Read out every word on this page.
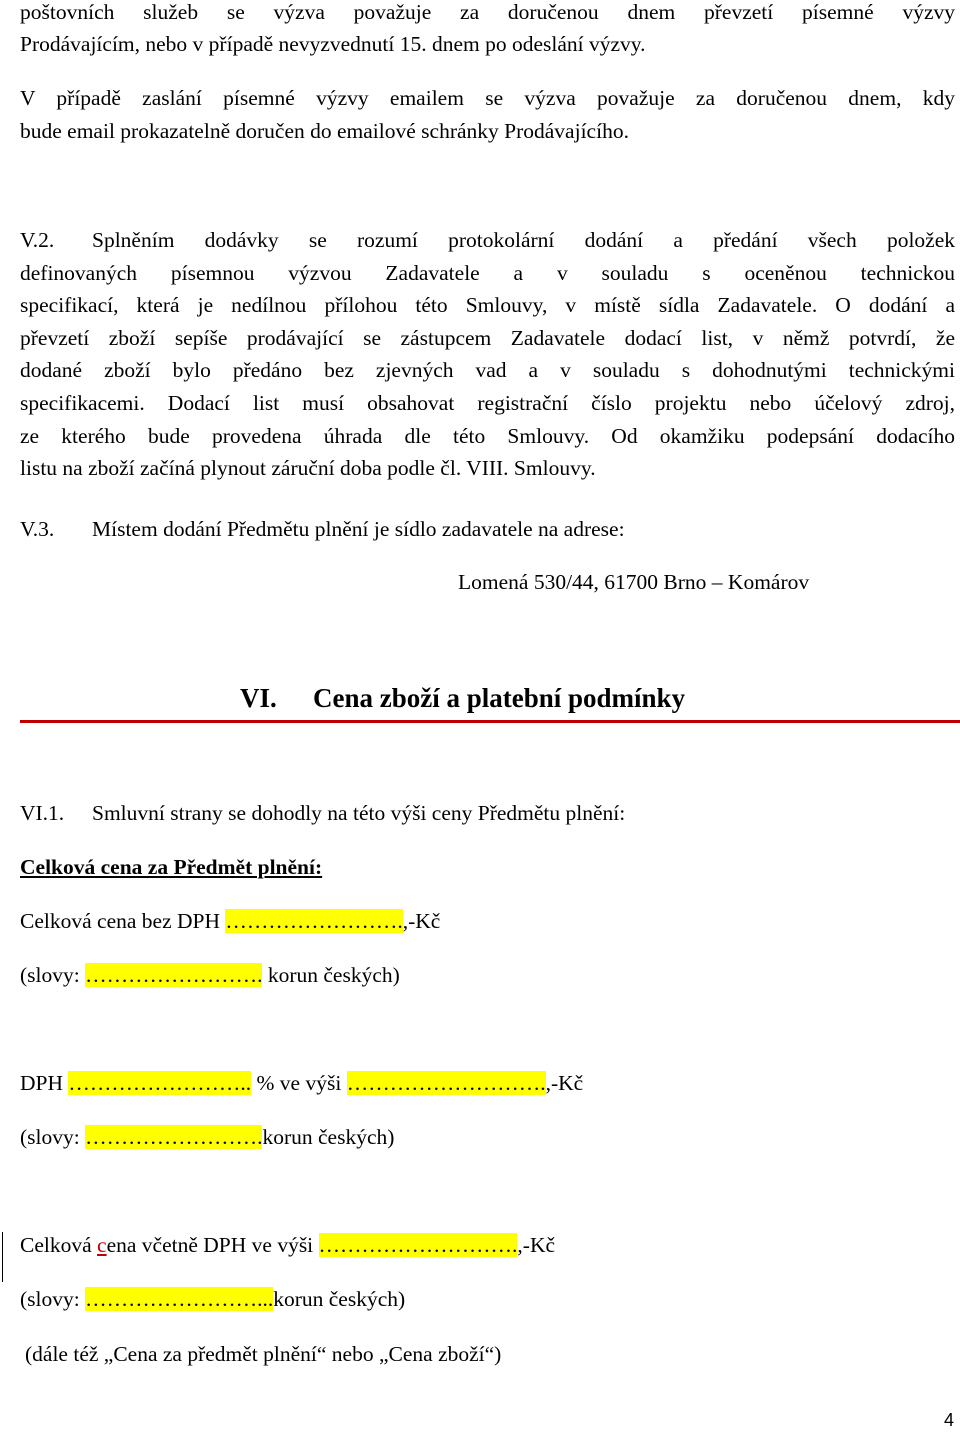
poštovních služeb se výzva považuje za doručenou dnem převzetí písemné výzvy
Prodávajícím, nebo v případě nevyzvednutí 15. dnem po odeslání výzvy.
V případě zaslání písemné výzvy emailem se výzva považuje za doručenou dnem, kdy
bude email prokazatelně doručen do emailové schránky Prodávajícího.
V.2. Splněním dodávky se rozumí protokolární dodání a předání všech položek
definovaných písemnou výzvou Zadavatele a v souladu s oceněnou technickou
specifikací, která je nedílnou přílohou této Smlouvy, v místě sídla Zadavatele. O dodání a
převzetí zboží sepíše prodávající se zástupcem Zadavatele dodací list, v němž potvrdí, že
dodané zboží bylo předáno bez zjevných vad a v souladu s dohodnutými technickými
specifikacemi. Dodací list musí obsahovat registrační číslo projektu nebo účelový zdroj,
ze kterého bude provedena úhrada dle této Smlouvy. Od okamžiku podepsání dodacího
listu na zboží začíná plynout záruční doba podle čl. VIII. Smlouvy.
V.3. Místem dodání Předmětu plnění je sídlo zadavatele na adrese:
Lomená 530/44, 61700 Brno – Komárov
VI. Cena zboží a platební podmínky
VI.1. Smluvní strany se dohodly na této výši ceny Předmětu plnění:
Celková cena za Předmět plnění:
Celková cena bez DPH …………………….,-Kč
(slovy: ……………………. korun českých)
DPH …………………….. % ve výši ……………………….,-Kč
(slovy: …………………….korun českých)
Celková cena včetně DPH ve výši ……………………….,-Kč
(slovy: ……………………...korun českých)
(dále též „Cena za předmět plnění“ nebo „Cena zboží“)
4
